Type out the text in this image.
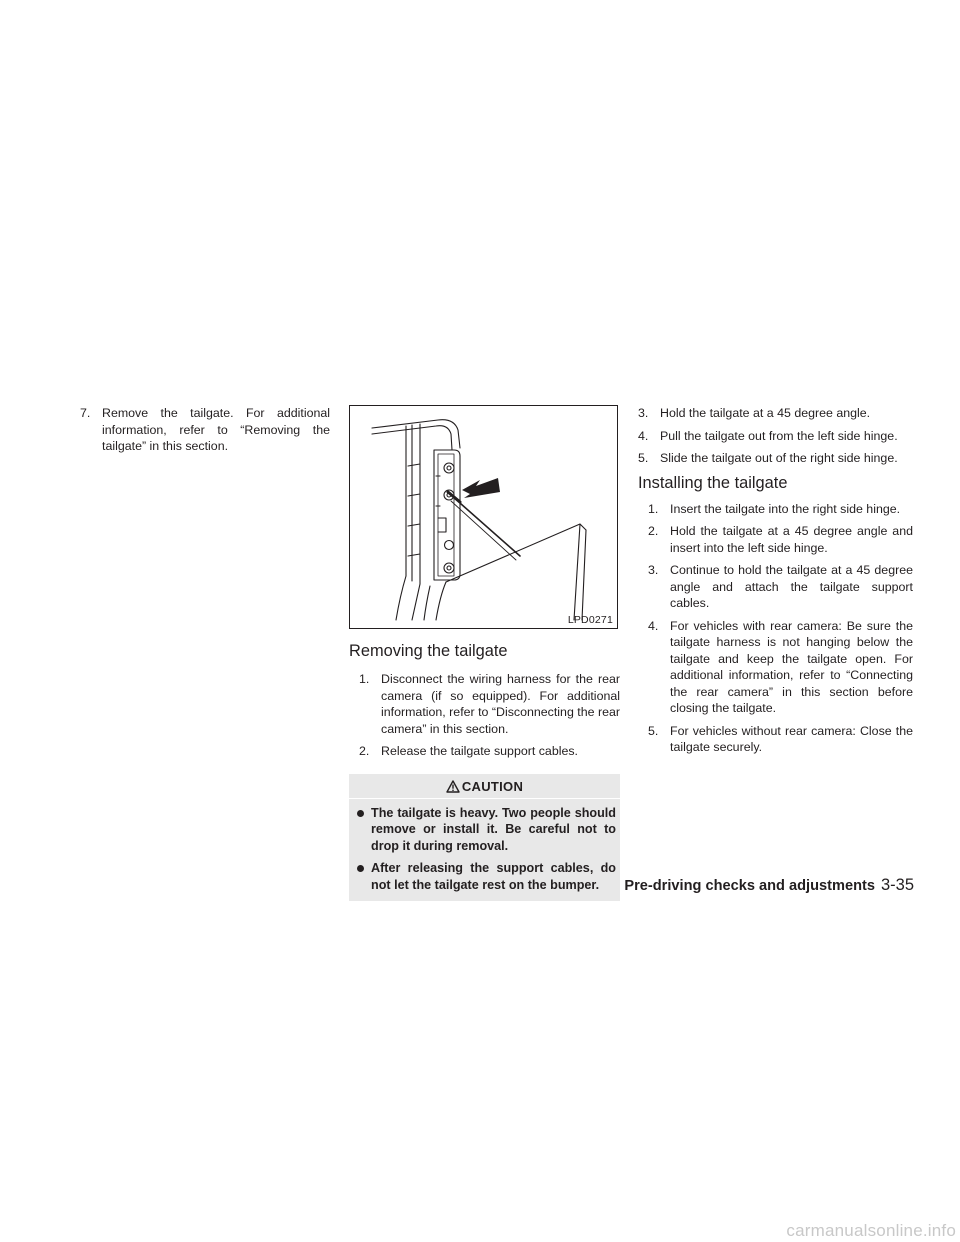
7. Remove the tailgate. For additional information, refer to “Removing the tailgate” in this section.
LPD0271
Removing the tailgate
1. Disconnect the wiring harness for the rear camera (if so equipped). For additional information, refer to “Disconnecting the rear camera” in this section.
2. Release the tailgate support cables.
CAUTION
The tailgate is heavy. Two people should remove or install it. Be careful not to drop it during removal.
After releasing the support cables, do not let the tailgate rest on the bumper.
3. Hold the tailgate at a 45 degree angle.
4. Pull the tailgate out from the left side hinge.
5. Slide the tailgate out of the right side hinge.
Installing the tailgate
1. Insert the tailgate into the right side hinge.
2. Hold the tailgate at a 45 degree angle and insert into the left side hinge.
3. Continue to hold the tailgate at a 45 degree angle and attach the tailgate support cables.
4. For vehicles with rear camera: Be sure the tailgate harness is not hanging below the tailgate and keep the tailgate open. For additional information, refer to “Connecting the rear camera” in this section before closing the tailgate.
5. For vehicles without rear camera: Close the tailgate securely.
Pre-driving checks and adjustments 3-35
carmanualsonline.info
